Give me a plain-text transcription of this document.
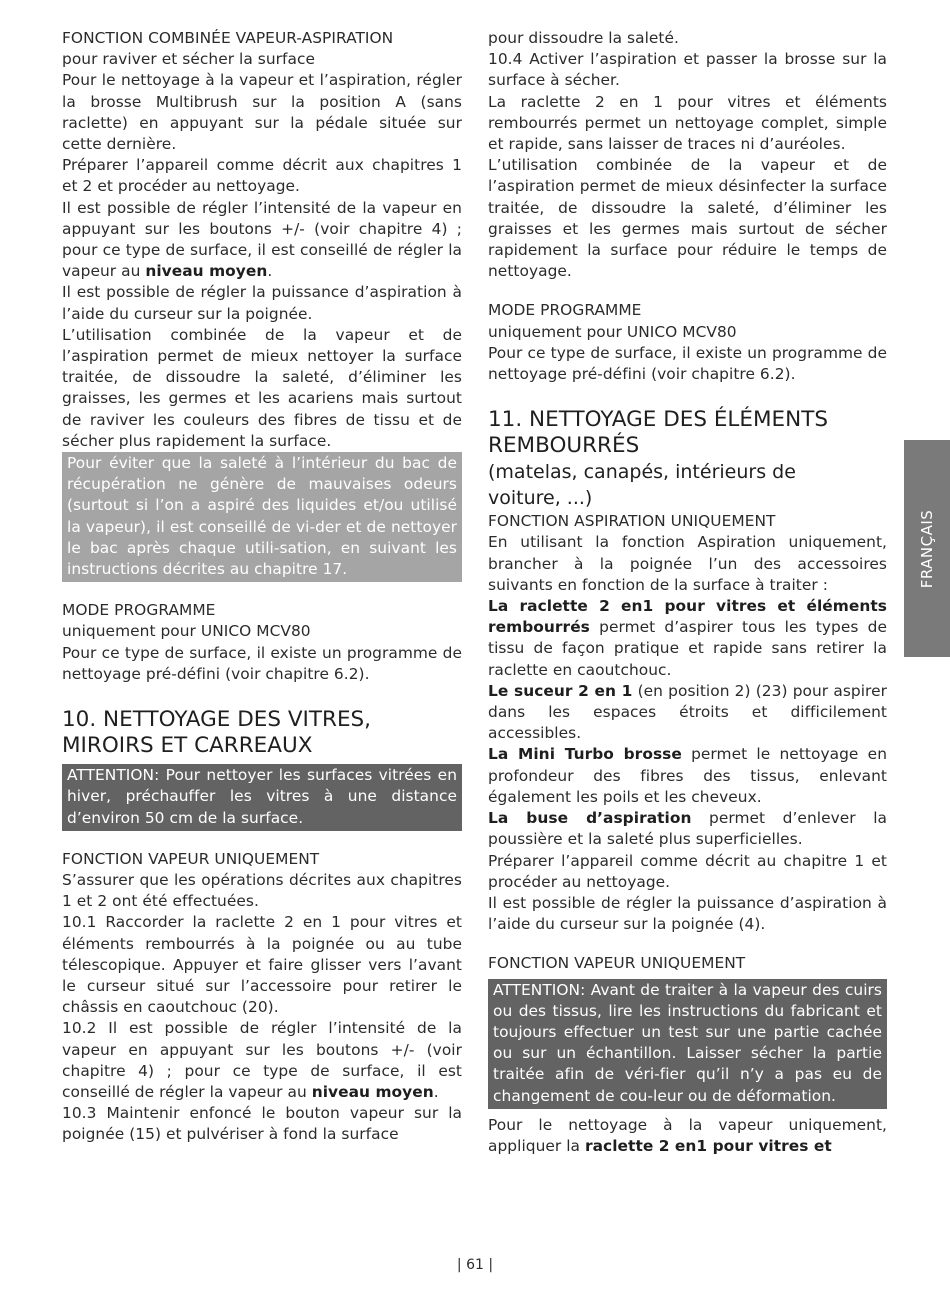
FONCTION COMBINÉE VAPEUR-ASPIRATION
pour raviver et sécher la surface

Pour le nettoyage à la vapeur et l’aspiration, régler la brosse Multibrush sur la position A (sans raclette) en appuyant sur la pédale située sur cette dernière.

Préparer l’appareil comme décrit aux chapitres 1 et 2 et procéder au nettoyage.

Il est possible de régler l’intensité de la vapeur en appuyant sur les boutons +/- (voir chapitre 4) ; pour ce type de surface, il est conseillé de régler la vapeur au niveau moyen.

Il est possible de régler la puissance d’aspiration à l’aide du curseur sur la poignée.

L’utilisation combinée de la vapeur et de l’aspiration permet de mieux nettoyer la surface traitée, de dissoudre la saleté, d’éliminer les graisses, les germes et les acariens mais surtout de raviver les couleurs des fibres de tissu et de sécher plus rapidement la surface.

Pour éviter que la saleté à l’intérieur du bac de récupération ne génère de mauvaises odeurs (surtout si l’on a aspiré des liquides et/ou utilisé la vapeur), il est conseillé de vi-der et de nettoyer le bac après chaque utili-sation, en suivant les instructions décrites au chapitre 17.
MODE PROGRAMME
uniquement pour UNICO MCV80

Pour ce type de surface, il existe un programme de nettoyage pré-défini (voir chapitre 6.2).

10. NETTOYAGE DES VITRES,
MIROIRS ET CARREAUX
ATTENTION: Pour nettoyer les surfaces vitrées en hiver, préchauffer les vitres à une distance d’environ 50 cm de la surface.
FONCTION VAPEUR UNIQUEMENT

S’assurer que les opérations décrites aux chapitres 1 et 2 ont été effectuées.

10.1 Raccorder la raclette 2 en 1 pour vitres et éléments rembourrés à la poignée ou au tube télescopique. Appuyer et faire glisser vers l’avant le curseur situé sur l’accessoire pour retirer le châssis en caoutchouc (20).

10.2 Il est possible de régler l’intensité de la vapeur en appuyant sur les boutons +/- (voir chapitre 4) ; pour ce type de surface, il est conseillé de régler la vapeur au niveau moyen.

10.3 Maintenir enfoncé le bouton vapeur sur la poignée (15) et pulvériser à fond la surface

pour dissoudre la saleté.

10.4 Activer l’aspiration et passer la brosse sur la surface à sécher.

La raclette 2 en 1 pour vitres et éléments rembourrés permet un nettoyage complet, simple et rapide, sans laisser de traces ni d’auréoles.

L’utilisation combinée de la vapeur et de l’aspiration permet de mieux désinfecter la surface traitée, de dissoudre la saleté, d’éliminer les graisses et les germes mais surtout de sécher rapidement la surface pour réduire le temps de nettoyage.

MODE PROGRAMME
uniquement pour UNICO MCV80

Pour ce type de surface, il existe un programme de nettoyage pré-défini (voir chapitre 6.2).

11. NETTOYAGE DES ÉLÉMENTS
REMBOURRÉS
(matelas, canapés, intérieurs de
voiture, ...)
FONCTION ASPIRATION UNIQUEMENT

En utilisant la fonction Aspiration uniquement, brancher à la poignée l’un des accessoires suivants en fonction de la surface à traiter :

La raclette 2 en1 pour vitres et éléments rembourrés permet d’aspirer tous les types de tissu de façon pratique et rapide sans retirer la raclette en caoutchouc.

Le suceur 2 en 1 (en position 2) (23) pour aspirer dans les espaces étroits et difficilement accessibles.

La Mini Turbo brosse permet le nettoyage en profondeur des fibres des tissus, enlevant également les poils et les cheveux.

La buse d’aspiration permet d’enlever la poussière et la saleté plus superficielles.

Préparer l’appareil comme décrit au chapitre 1 et procéder au nettoyage.

Il est possible de régler la puissance d’aspiration à l’aide du curseur sur la poignée (4).

FONCTION VAPEUR UNIQUEMENT
ATTENTION: Avant de traiter à la vapeur des cuirs ou des tissus, lire les instructions du fabricant et toujours effectuer un test sur une partie cachée ou sur un échantillon. Laisser sécher la partie traitée afin de véri-fier qu’il n’y a pas eu de changement de cou-leur ou de déformation.

Pour le nettoyage à la vapeur uniquement, appliquer la raclette 2 en1 pour vitres et

FRANÇAIS
| 61 |
